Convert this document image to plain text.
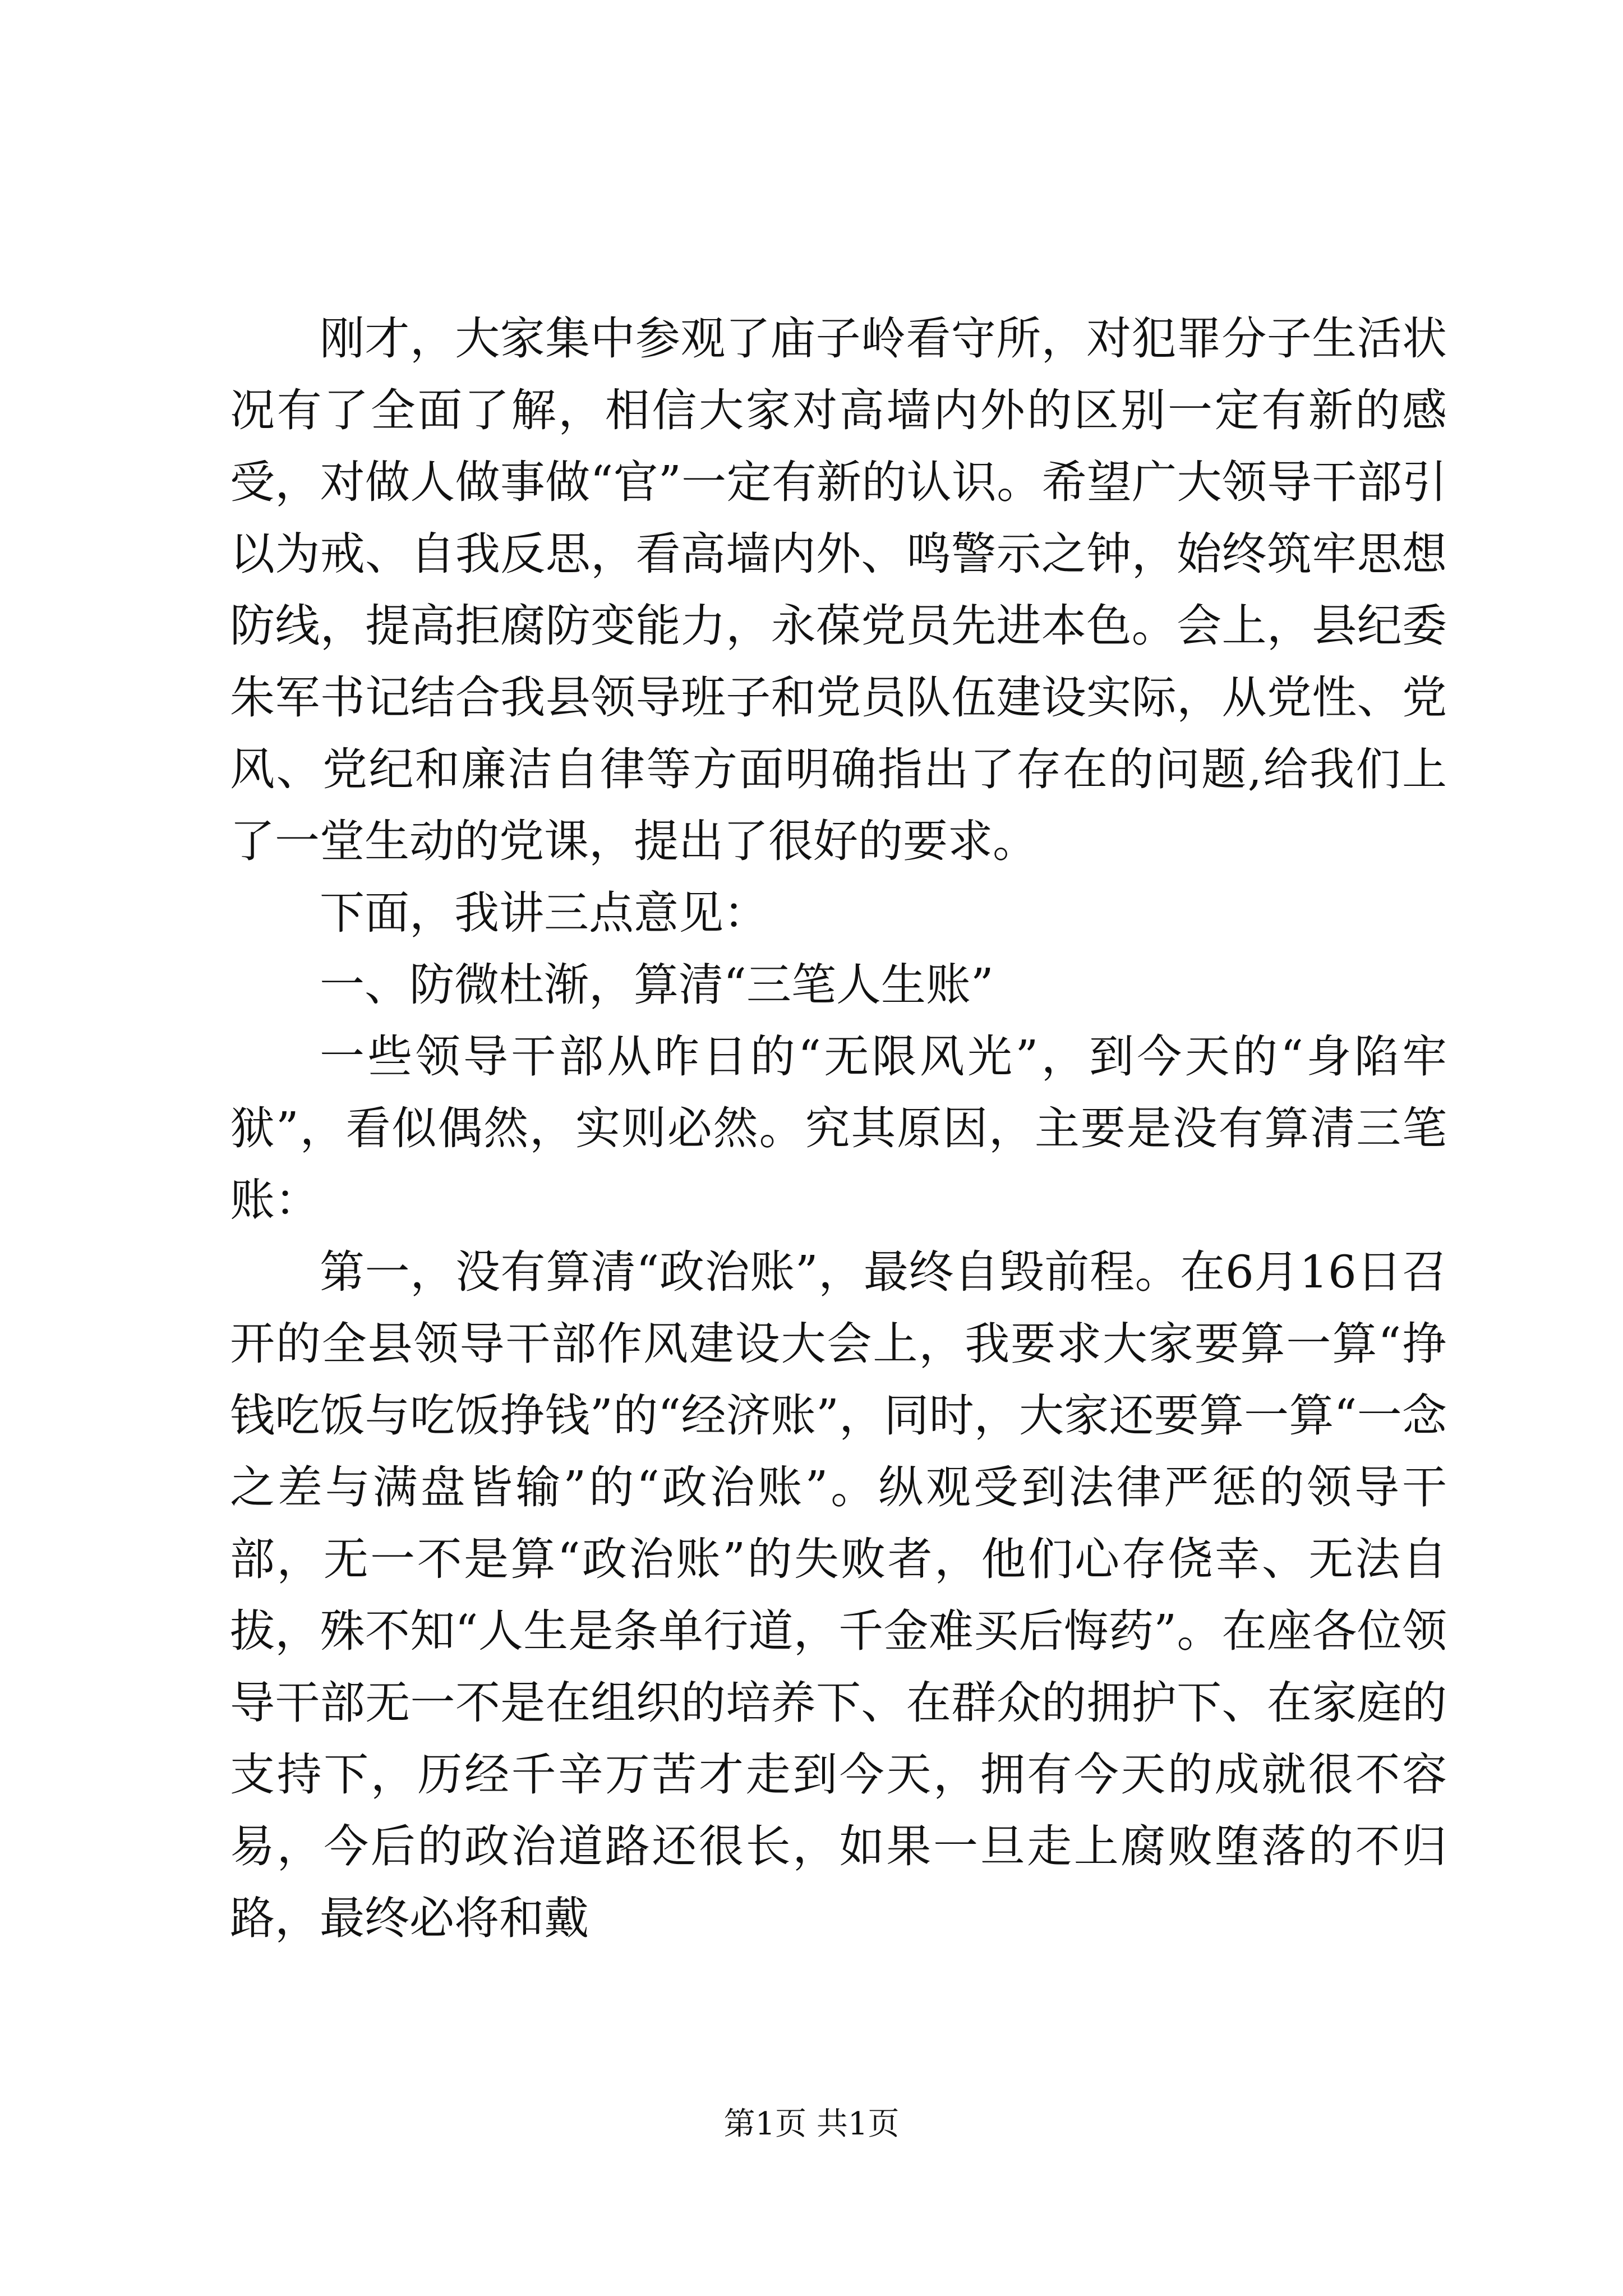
刚才，大家集中参观了庙子岭看守所，对犯罪分子生活状况有了全面了解，相信大家对高墙内外的区别一定有新的感受，对做人做事做“官”一定有新的认识。希望广大领导干部引以为戒、自我反思，看高墙内外、鸣警示之钟，始终筑牢思想防线，提高拒腐防变能力，永葆党员先进本色。会上，县纪委朱军书记结合我县领导班子和党员队伍建设实际，从党性、党风、党纪和廉洁自律等方面明确指出了存在的问题,给我们上了一堂生动的党课，提出了很好的要求。

下面，我讲三点意见：

一、防微杜渐，算清“三笔人生账”

一些领导干部从昨日的“无限风光”，到今天的“身陷牢狱”，看似偶然，实则必然。究其原因，主要是没有算清三笔账：

第一，没有算清“政治账”，最终自毁前程。在6月16日召开的全县领导干部作风建设大会上，我要求大家要算一算“挣钱吃饭与吃饭挣钱”的“经济账”，同时，大家还要算一算“一念之差与满盘皆输”的“政治账”。纵观受到法律严惩的领导干部，无一不是算“政治账”的失败者，他们心存侥幸、无法自拔，殊不知“人生是条单行道，千金难买后悔药”。在座各位领导干部无一不是在组织的培养下、在群众的拥护下、在家庭的支持下，历经千辛万苦才走到今天，拥有今天的成就很不容易，今后的政治道路还很长，如果一旦走上腐败堕落的不归路，最终必将和戴

第1页 共1页
